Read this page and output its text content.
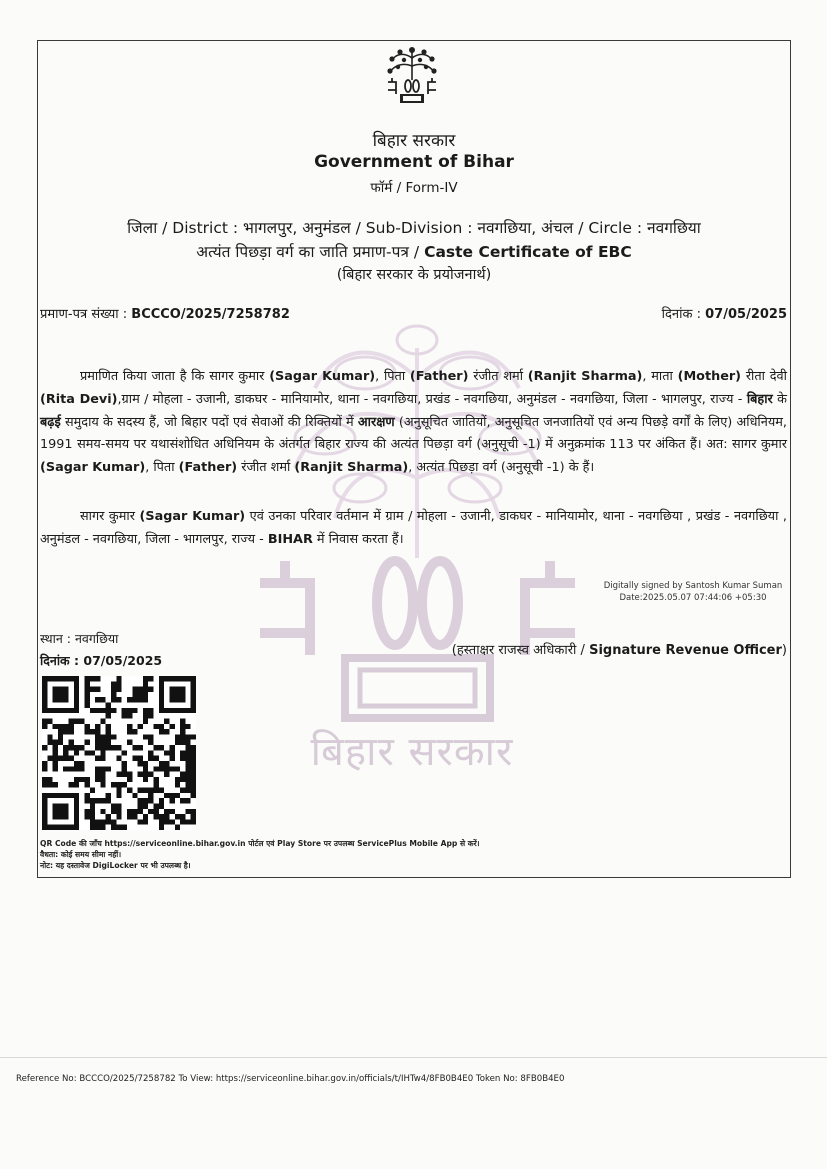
बिहार सरकार
बिहार सरकार
Government of Bihar
फॉर्म / Form-IV
जिला / District : भागलपुर, अनुमंडल / Sub-Division : नवगछिया, अंचल / Circle : नवगछिया
अत्यंत पिछड़ा वर्ग का जाति प्रमाण-पत्र / Caste Certificate of EBC
(बिहार सरकार के प्रयोजनार्थ)
प्रमाण-पत्र संख्या : BCCCO/2025/7258782	दिनांक : 07/05/2025

प्रमाणित किया जाता है कि सागर कुमार (Sagar Kumar), पिता (Father) रंजीत शर्मा (Ranjit Sharma), माता (Mother) रीता देवी (Rita Devi),ग्राम / मोहला - उजानी, डाकघर - मानियामोर, थाना - नवगछिया, प्रखंड - नवगछिया, अनुमंडल - नवगछिया, जिला - भागलपुर, राज्य - बिहार के बढ़ई समुदाय के सदस्य हैं, जो बिहार पदों एवं सेवाओं की रिक्तियों में आरक्षण (अनुसूचित जातियों, अनुसूचित जनजातियों एवं अन्य पिछड़े वर्गों के लिए) अधिनियम, 1991 समय-समय पर यथासंशोधित अधिनियम के अंतर्गत बिहार राज्य की अत्यंत पिछड़ा वर्ग (अनुसूची -1) में अनुक्रमांक 113 पर अंकित हैं। अत: सागर कुमार (Sagar Kumar), पिता (Father) रंजीत शर्मा (Ranjit Sharma), अत्यंत पिछड़ा वर्ग (अनुसूची -1) के हैं।

सागर कुमार (Sagar Kumar) एवं उनका परिवार वर्तमान में ग्राम / मोहला - उजानी, डाकघर - मानियामोर, थाना - नवगछिया , प्रखंड - नवगछिया , अनुमंडल - नवगछिया, जिला - भागलपुर, राज्य - BIHAR में निवास करता हैं।

Digitally signed by Santosh Kumar Suman
Date:2025.05.07 07:44:06 +05:30
स्थान : नवगछिया
दिनांक : 07/05/2025
(हस्ताक्षर राजस्व अधिकारी / Signature Revenue Officer)
QR Code की जाँच https://serviceonline.bihar.gov.in पोर्टल एवं Play Store पर उपलब्ध ServicePlus Mobile App से करें।
वैधता: कोई समय सीमा नहीं।
नोट: यह दस्तावेज DigiLocker पर भी उपलब्ध है।
Reference No: BCCCO/2025/7258782 To View: https://serviceonline.bihar.gov.in/officials/t/IHTw4/8FB0B4E0 Token No: 8FB0B4E0
